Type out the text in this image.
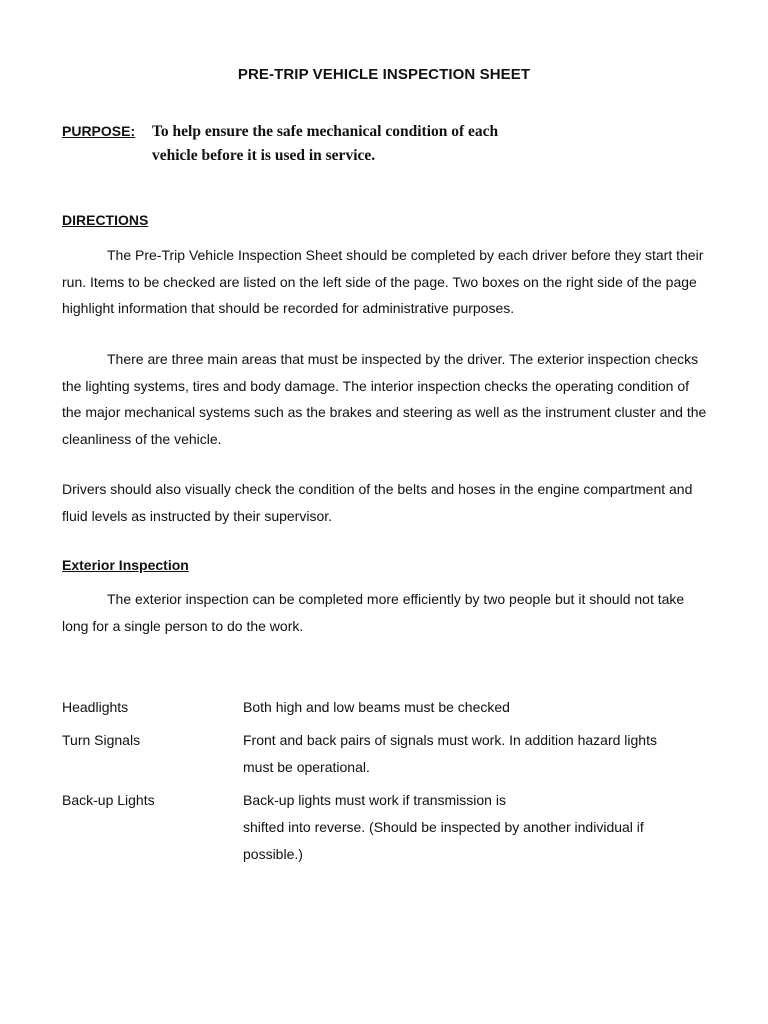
PRE-TRIP VEHICLE INSPECTION SHEET
PURPOSE: To help ensure the safe mechanical condition of each
vehicle before it is used in service.
DIRECTIONS
The Pre-Trip Vehicle Inspection Sheet should be completed by each driver before they start their run. Items to be checked are listed on the left side of the page. Two boxes on the right side of the page highlight information that should be recorded for administrative purposes.
There are three main areas that must be inspected by the driver. The exterior inspection checks the lighting systems, tires and body damage. The interior inspection checks the operating condition of the major mechanical systems such as the brakes and steering as well as the instrument cluster and the cleanliness of the vehicle.
Drivers should also visually check the condition of the belts and hoses in the engine compartment and fluid levels as instructed by their supervisor.
Exterior Inspection
The exterior inspection can be completed more efficiently by two people but it should not take long for a single person to do the work.
Headlights	Both high and low beams must be checked
Turn Signals	Front and back pairs of signals must work. In addition hazard lights
must be operational.
Back-up Lights	Back-up lights must work if transmission is
shifted into reverse. (Should be inspected by another individual if
possible.)
